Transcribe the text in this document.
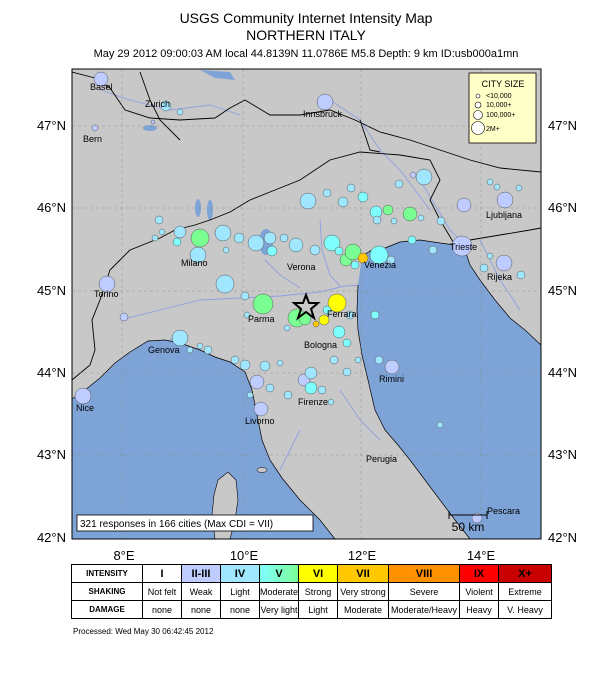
USGS Community Internet Intensity Map
NORTHERN ITALY
May 29 2012 09:00:03 AM local 44.8139N 11.0786E M5.8 Depth: 9 km ID:usb000a1mn
Pescara
Perugia
Firenze
Livorno
Nice
Rimini
Bologna
Genova
Ferrara
Parma
Torino
Rijeka
Trieste
Venezia
Verona
Milano
Ljubljana
Innsbruck
Bern
Zurich
Basel
47°N
46°N
45°N
44°N
43°N
42°N
47°N
46°N
45°N
44°N
43°N
42°N
8°E	10°E	12°E	14°E
CITY SIZE
<10,000
10,000+
100,000+
2M+
321 responses in 166 cities (Max CDI = VII)	50 km
INTENSITY	I	II-III	IV	V	VI	VII	VIII	IX	X+
SHAKING	Not felt	Weak	Light	Moderate	Strong	Very strong	Severe	Violent	Extreme
DAMAGE	none	none	none	Very light	Light	Moderate	Moderate/Heavy	Heavy	V. Heavy
Processed: Wed May 30 06:42:45 2012
